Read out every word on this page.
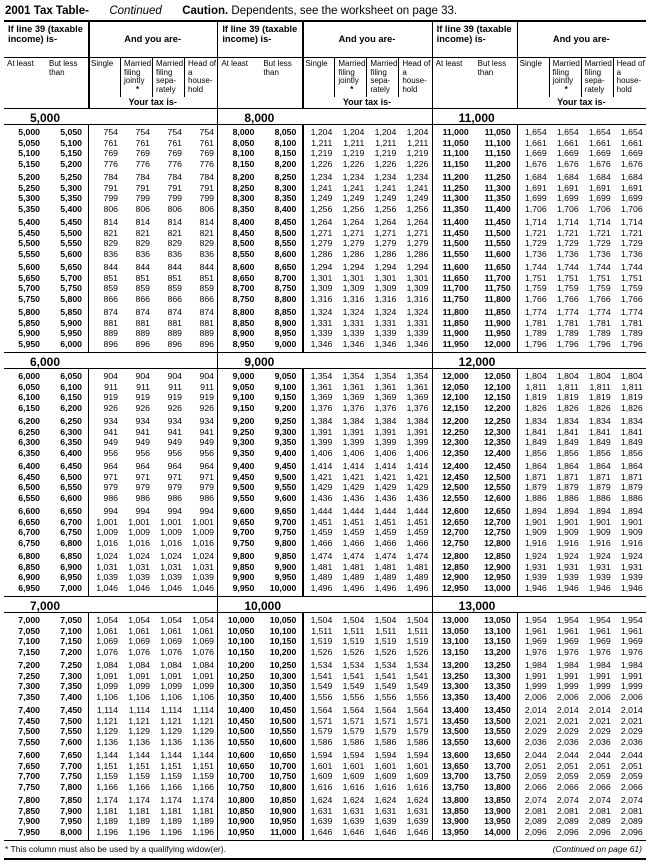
2001 Tax Table- Continued Caution. Dependents, see the worksheet on page 33.
If line 39 (taxable income) is-	And you are-
At least	But less than
Single	Married filing jointly
*
Married filing sepa- rately
Head of a house- hold
Your tax is-
5,000
5,000	5,050	754	754	754	754
5,050	5,100	761	761	761	761
5,100	5,150	769	769	769	769
5,150	5,200	776	776	776	776
5,200	5,250	784	784	784	784
5,250	5,300	791	791	791	791
5,300	5,350	799	799	799	799
5,350	5,400	806	806	806	806
5,400	5,450	814	814	814	814
5,450	5,500	821	821	821	821
5,500	5,550	829	829	829	829
5,550	5,600	836	836	836	836
5,600	5,650	844	844	844	844
5,650	5,700	851	851	851	851
5,700	5,750	859	859	859	859
5,750	5,800	866	866	866	866
5,800	5,850	874	874	874	874
5,850	5,900	881	881	881	881
5,900	5,950	889	889	889	889
5,950	6,000	896	896	896	896
6,000
6,000	6,050	904	904	904	904
6,050	6,100	911	911	911	911
6,100	6,150	919	919	919	919
6,150	6,200	926	926	926	926
6,200	6,250	934	934	934	934
6,250	6,300	941	941	941	941
6,300	6,350	949	949	949	949
6,350	6,400	956	956	956	956
6,400	6,450	964	964	964	964
6,450	6,500	971	971	971	971
6,500	6,550	979	979	979	979
6,550	6,600	986	986	986	986
6,600	6,650	994	994	994	994
6,650	6,700	1,001	1,001	1,001	1,001
6,700	6,750	1,009	1,009	1,009	1,009
6,750	6,800	1,016	1,016	1,016	1,016
6,800	6,850	1,024	1,024	1,024	1,024
6,850	6,900	1,031	1,031	1,031	1,031
6,900	6,950	1,039	1,039	1,039	1,039
6,950	7,000	1,046	1,046	1,046	1,046
7,000
7,000	7,050	1,054	1,054	1,054	1,054
7,050	7,100	1,061	1,061	1,061	1,061
7,100	7,150	1,069	1,069	1,069	1,069
7,150	7,200	1,076	1,076	1,076	1,076
7,200	7,250	1,084	1,084	1,084	1,084
7,250	7,300	1,091	1,091	1,091	1,091
7,300	7,350	1,099	1,099	1,099	1,099
7,350	7,400	1,106	1,106	1,106	1,106
7,400	7,450	1,114	1,114	1,114	1,114
7,450	7,500	1,121	1,121	1,121	1,121
7,500	7,550	1,129	1,129	1,129	1,129
7,550	7,600	1,136	1,136	1,136	1,136
7,600	7,650	1,144	1,144	1,144	1,144
7,650	7,700	1,151	1,151	1,151	1,151
7,700	7,750	1,159	1,159	1,159	1,159
7,750	7,800	1,166	1,166	1,166	1,166
7,800	7,850	1,174	1,174	1,174	1,174
7,850	7,900	1,181	1,181	1,181	1,181
7,900	7,950	1,189	1,189	1,189	1,189
7,950	8,000	1,196	1,196	1,196	1,196
If line 39 (taxable income) is-	And you are-
At least	But less than
Single	Married filing jointly
*
Married filing sepa- rately
Head of a house- hold
Your tax is-
8,000
8,000	8,050	1,204	1,204	1,204	1,204
8,050	8,100	1,211	1,211	1,211	1,211
8,100	8,150	1,219	1,219	1,219	1,219
8,150	8,200	1,226	1,226	1,226	1,226
8,200	8,250	1,234	1,234	1,234	1,234
8,250	8,300	1,241	1,241	1,241	1,241
8,300	8,350	1,249	1,249	1,249	1,249
8,350	8,400	1,256	1,256	1,256	1,256
8,400	8,450	1,264	1,264	1,264	1,264
8,450	8,500	1,271	1,271	1,271	1,271
8,500	8,550	1,279	1,279	1,279	1,279
8,550	8,600	1,286	1,286	1,286	1,286
8,600	8,650	1,294	1,294	1,294	1,294
8,650	8,700	1,301	1,301	1,301	1,301
8,700	8,750	1,309	1,309	1,309	1,309
8,750	8,800	1,316	1,316	1,316	1,316
8,800	8,850	1,324	1,324	1,324	1,324
8,850	8,900	1,331	1,331	1,331	1,331
8,900	8,950	1,339	1,339	1,339	1,339
8,950	9,000	1,346	1,346	1,346	1,346
9,000
9,000	9,050	1,354	1,354	1,354	1,354
9,050	9,100	1,361	1,361	1,361	1,361
9,100	9,150	1,369	1,369	1,369	1,369
9,150	9,200	1,376	1,376	1,376	1,376
9,200	9,250	1,384	1,384	1,384	1,384
9,250	9,300	1,391	1,391	1,391	1,391
9,300	9,350	1,399	1,399	1,399	1,399
9,350	9,400	1,406	1,406	1,406	1,406
9,400	9,450	1,414	1,414	1,414	1,414
9,450	9,500	1,421	1,421	1,421	1,421
9,500	9,550	1,429	1,429	1,429	1,429
9,550	9,600	1,436	1,436	1,436	1,436
9,600	9,650	1,444	1,444	1,444	1,444
9,650	9,700	1,451	1,451	1,451	1,451
9,700	9,750	1,459	1,459	1,459	1,459
9,750	9,800	1,466	1,466	1,466	1,466
9,800	9,850	1,474	1,474	1,474	1,474
9,850	9,900	1,481	1,481	1,481	1,481
9,900	9,950	1,489	1,489	1,489	1,489
9,950	10,000	1,496	1,496	1,496	1,496
10,000
10,000	10,050	1,504	1,504	1,504	1,504
10,050	10,100	1,511	1,511	1,511	1,511
10,100	10,150	1,519	1,519	1,519	1,519
10,150	10,200	1,526	1,526	1,526	1,526
10,200	10,250	1,534	1,534	1,534	1,534
10,250	10,300	1,541	1,541	1,541	1,541
10,300	10,350	1,549	1,549	1,549	1,549
10,350	10,400	1,556	1,556	1,556	1,556
10,400	10,450	1,564	1,564	1,564	1,564
10,450	10,500	1,571	1,571	1,571	1,571
10,500	10,550	1,579	1,579	1,579	1,579
10,550	10,600	1,586	1,586	1,586	1,586
10,600	10,650	1,594	1,594	1,594	1,594
10,650	10,700	1,601	1,601	1,601	1,601
10,700	10,750	1,609	1,609	1,609	1,609
10,750	10,800	1,616	1,616	1,616	1,616
10,800	10,850	1,624	1,624	1,624	1,624
10,850	10,900	1,631	1,631	1,631	1,631
10,900	10,950	1,639	1,639	1,639	1,639
10,950	11,000	1,646	1,646	1,646	1,646
If line 39 (taxable income) is-	And you are-
At least	But less than
Single	Married filing jointly
*
Married filing sepa- rately
Head of a house- hold
Your tax is-
11,000
11,000	11,050	1,654	1,654	1,654	1,654
11,050	11,100	1,661	1,661	1,661	1,661
11,100	11,150	1,669	1,669	1,669	1,669
11,150	11,200	1,676	1,676	1,676	1,676
11,200	11,250	1,684	1,684	1,684	1,684
11,250	11,300	1,691	1,691	1,691	1,691
11,300	11,350	1,699	1,699	1,699	1,699
11,350	11,400	1,706	1,706	1,706	1,706
11,400	11,450	1,714	1,714	1,714	1,714
11,450	11,500	1,721	1,721	1,721	1,721
11,500	11,550	1,729	1,729	1,729	1,729
11,550	11,600	1,736	1,736	1,736	1,736
11,600	11,650	1,744	1,744	1,744	1,744
11,650	11,700	1,751	1,751	1,751	1,751
11,700	11,750	1,759	1,759	1,759	1,759
11,750	11,800	1,766	1,766	1,766	1,766
11,800	11,850	1,774	1,774	1,774	1,774
11,850	11,900	1,781	1,781	1,781	1,781
11,900	11,950	1,789	1,789	1,789	1,789
11,950	12,000	1,796	1,796	1,796	1,796
12,000
12,000	12,050	1,804	1,804	1,804	1,804
12,050	12,100	1,811	1,811	1,811	1,811
12,100	12,150	1,819	1,819	1,819	1,819
12,150	12,200	1,826	1,826	1,826	1,826
12,200	12,250	1,834	1,834	1,834	1,834
12,250	12,300	1,841	1,841	1,841	1,841
12,300	12,350	1,849	1,849	1,849	1,849
12,350	12,400	1,856	1,856	1,856	1,856
12,400	12,450	1,864	1,864	1,864	1,864
12,450	12,500	1,871	1,871	1,871	1,871
12,500	12,550	1,879	1,879	1,879	1,879
12,550	12,600	1,886	1,886	1,886	1,886
12,600	12,650	1,894	1,894	1,894	1,894
12,650	12,700	1,901	1,901	1,901	1,901
12,700	12,750	1,909	1,909	1,909	1,909
12,750	12,800	1,916	1,916	1,916	1,916
12,800	12,850	1,924	1,924	1,924	1,924
12,850	12,900	1,931	1,931	1,931	1,931
12,900	12,950	1,939	1,939	1,939	1,939
12,950	13,000	1,946	1,946	1,946	1,946
13,000
13,000	13,050	1,954	1,954	1,954	1,954
13,050	13,100	1,961	1,961	1,961	1,961
13,100	13,150	1,969	1,969	1,969	1,969
13,150	13,200	1,976	1,976	1,976	1,976
13,200	13,250	1,984	1,984	1,984	1,984
13,250	13,300	1,991	1,991	1,991	1,991
13,300	13,350	1,999	1,999	1,999	1,999
13,350	13,400	2,006	2,006	2,006	2,006
13,400	13,450	2,014	2,014	2,014	2,014
13,450	13,500	2,021	2,021	2,021	2,021
13,500	13,550	2,029	2,029	2,029	2,029
13,550	13,600	2,036	2,036	2,036	2,036
13,600	13,650	2,044	2,044	2,044	2,044
13,650	13,700	2,051	2,051	2,051	2,051
13,700	13,750	2,059	2,059	2,059	2,059
13,750	13,800	2,066	2,066	2,066	2,066
13,800	13,850	2,074	2,074	2,074	2,074
13,850	13,900	2,081	2,081	2,081	2,081
13,900	13,950	2,089	2,089	2,089	2,089
13,950	14,000	2,096	2,096	2,096	2,096
* This column must also be used by a qualifying widow(er).	(Continued on page 61)
